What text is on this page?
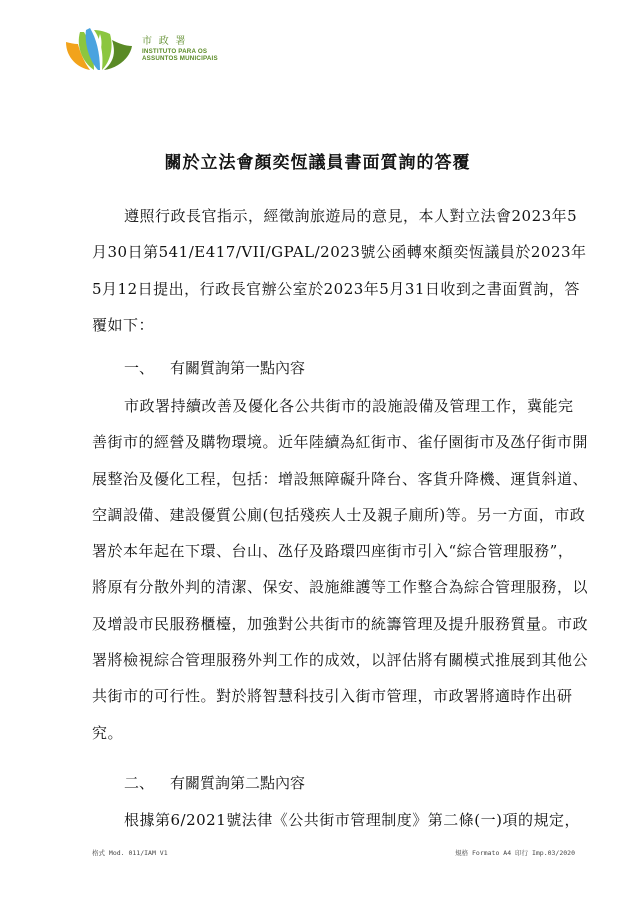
市 政 署
INSTITUTO PARA OS
ASSUNTOS MUNICIPAIS
關於立法會顏奕恆議員書面質詢的答覆

遵照行政長官指示，經徵詢旅遊局的意見，本人對立法會2023年5月30日第541/E417/VII/GPAL/2023號公函轉來顏奕恆議員於2023年5月12日提出，行政長官辦公室於2023年5月31日收到之書面質詢，答覆如下：

一、 有關質詢第一點內容

市政署持續改善及優化各公共街市的設施設備及管理工作，冀能完善街市的經營及購物環境。近年陸續為紅街市、雀仔園街市及氹仔街市開展整治及優化工程，包括：增設無障礙升降台、客貨升降機、運貨斜道、空調設備、建設優質公廁(包括殘疾人士及親子廁所)等。另一方面，市政署於本年起在下環、台山、氹仔及路環四座街市引入“綜合管理服務”，將原有分散外判的清潔、保安、設施維護等工作整合為綜合管理服務，以及增設市民服務櫃檯，加強對公共街市的統籌管理及提升服務質量。市政署將檢視綜合管理服務外判工作的成效，以評估將有關模式推展到其他公共街市的可行性。對於將智慧科技引入街市管理，市政署將適時作出研究。

二、 有關質詢第二點內容

根據第6/2021號法律《公共街市管理制度》第二條(一)項的規定，

格式 Mod. 011/IAM V1	規格 Formato A4 印行 Imp.03/2020
